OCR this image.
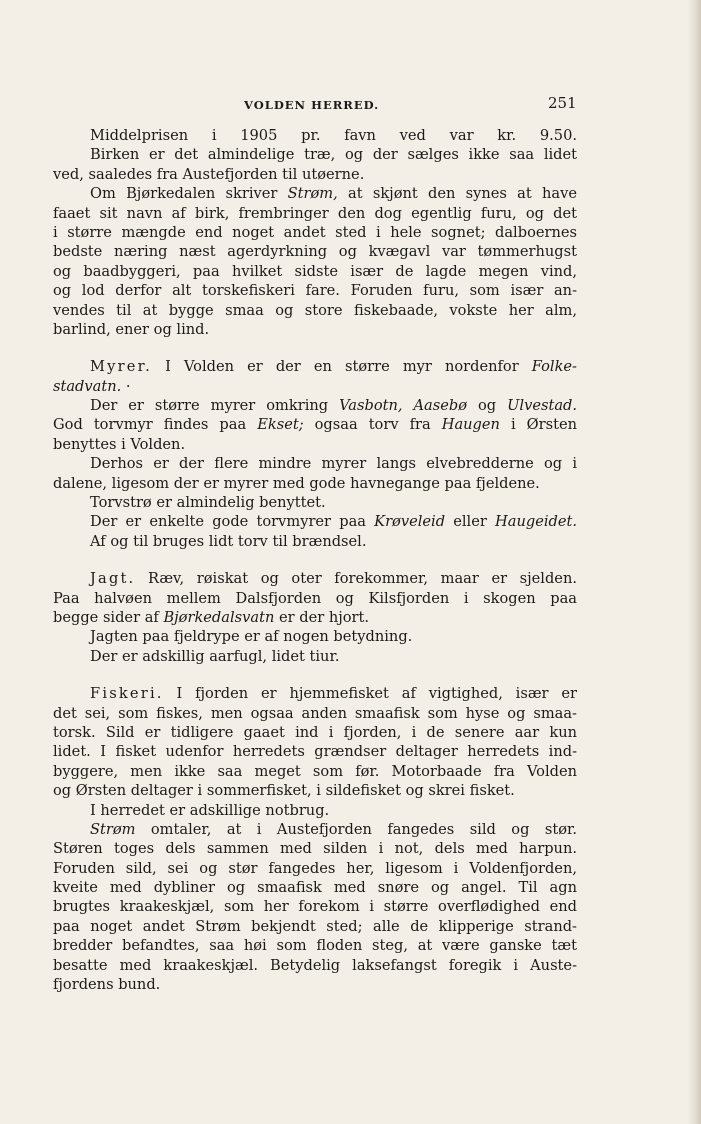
VOLDEN HERRED.	251
Middelprisen i 1905 pr. favn ved var kr. 9.50.
Birken er det almindelige træ, og der sælges ikke saa lidet
ved, saaledes fra Austefjorden til utøerne.
Om Bjørkedalen skriver Strøm, at skjønt den synes at have
faaet sit navn af birk, frembringer den dog egentlig furu, og det
i større mængde end noget andet sted i hele sognet; dalboernes
bedste næring næst agerdyrkning og kvægavl var tømmerhugst
og baadbyggeri, paa hvilket sidste især de lagde megen vind,
og lod derfor alt torskefiskeri fare. Foruden furu, som især an-
vendes til at bygge smaa og store fiskebaade, vokste her alm,
barlind, ener og lind.
Myrer. I Volden er der en større myr nordenfor Folke-
stadvatn. ·
Der er større myrer omkring Vasbotn, Aasebø og Ulvestad.
God torvmyr findes paa Ekset; ogsaa torv fra Haugen i Ørsten
benyttes i Volden.
Derhos er der flere mindre myrer langs elvebredderne og i
dalene, ligesom der er myrer med gode havnegange paa fjeldene.
Torvstrø er almindelig benyttet.
Der er enkelte gode torvmyrer paa Krøveleid eller Haugeidet.
Af og til bruges lidt torv til brændsel.
Jagt. Ræv, røiskat og oter forekommer, maar er sjelden.
Paa halvøen mellem Dalsfjorden og Kilsfjorden i skogen paa
begge sider af Bjørkedalsvatn er der hjort.
Jagten paa fjeldrype er af nogen betydning.
Der er adskillig aarfugl, lidet tiur.
Fiskeri. I fjorden er hjemmefisket af vigtighed, især er
det sei, som fiskes, men ogsaa anden smaafisk som hyse og smaa-
torsk. Sild er tidligere gaaet ind i fjorden, i de senere aar kun
lidet. I fisket udenfor herredets grændser deltager herredets ind-
byggere, men ikke saa meget som før. Motorbaade fra Volden
og Ørsten deltager i sommerfisket, i sildefisket og skrei fisket.
I herredet er adskillige notbrug.
Strøm omtaler, at i Austefjorden fangedes sild og stør.
Støren toges dels sammen med silden i not, dels med harpun.
Foruden sild, sei og stør fangedes her, ligesom i Voldenfjorden,
kveite med dybliner og smaafisk med snøre og angel. Til agn
brugtes kraakeskjæl, som her forekom i større overflødighed end
paa noget andet Strøm bekjendt sted; alle de klipperige strand-
bredder befandtes, saa høi som floden steg, at være ganske tæt
besatte med kraakeskjæl. Betydelig laksefangst foregik i Auste-
fjordens bund.
